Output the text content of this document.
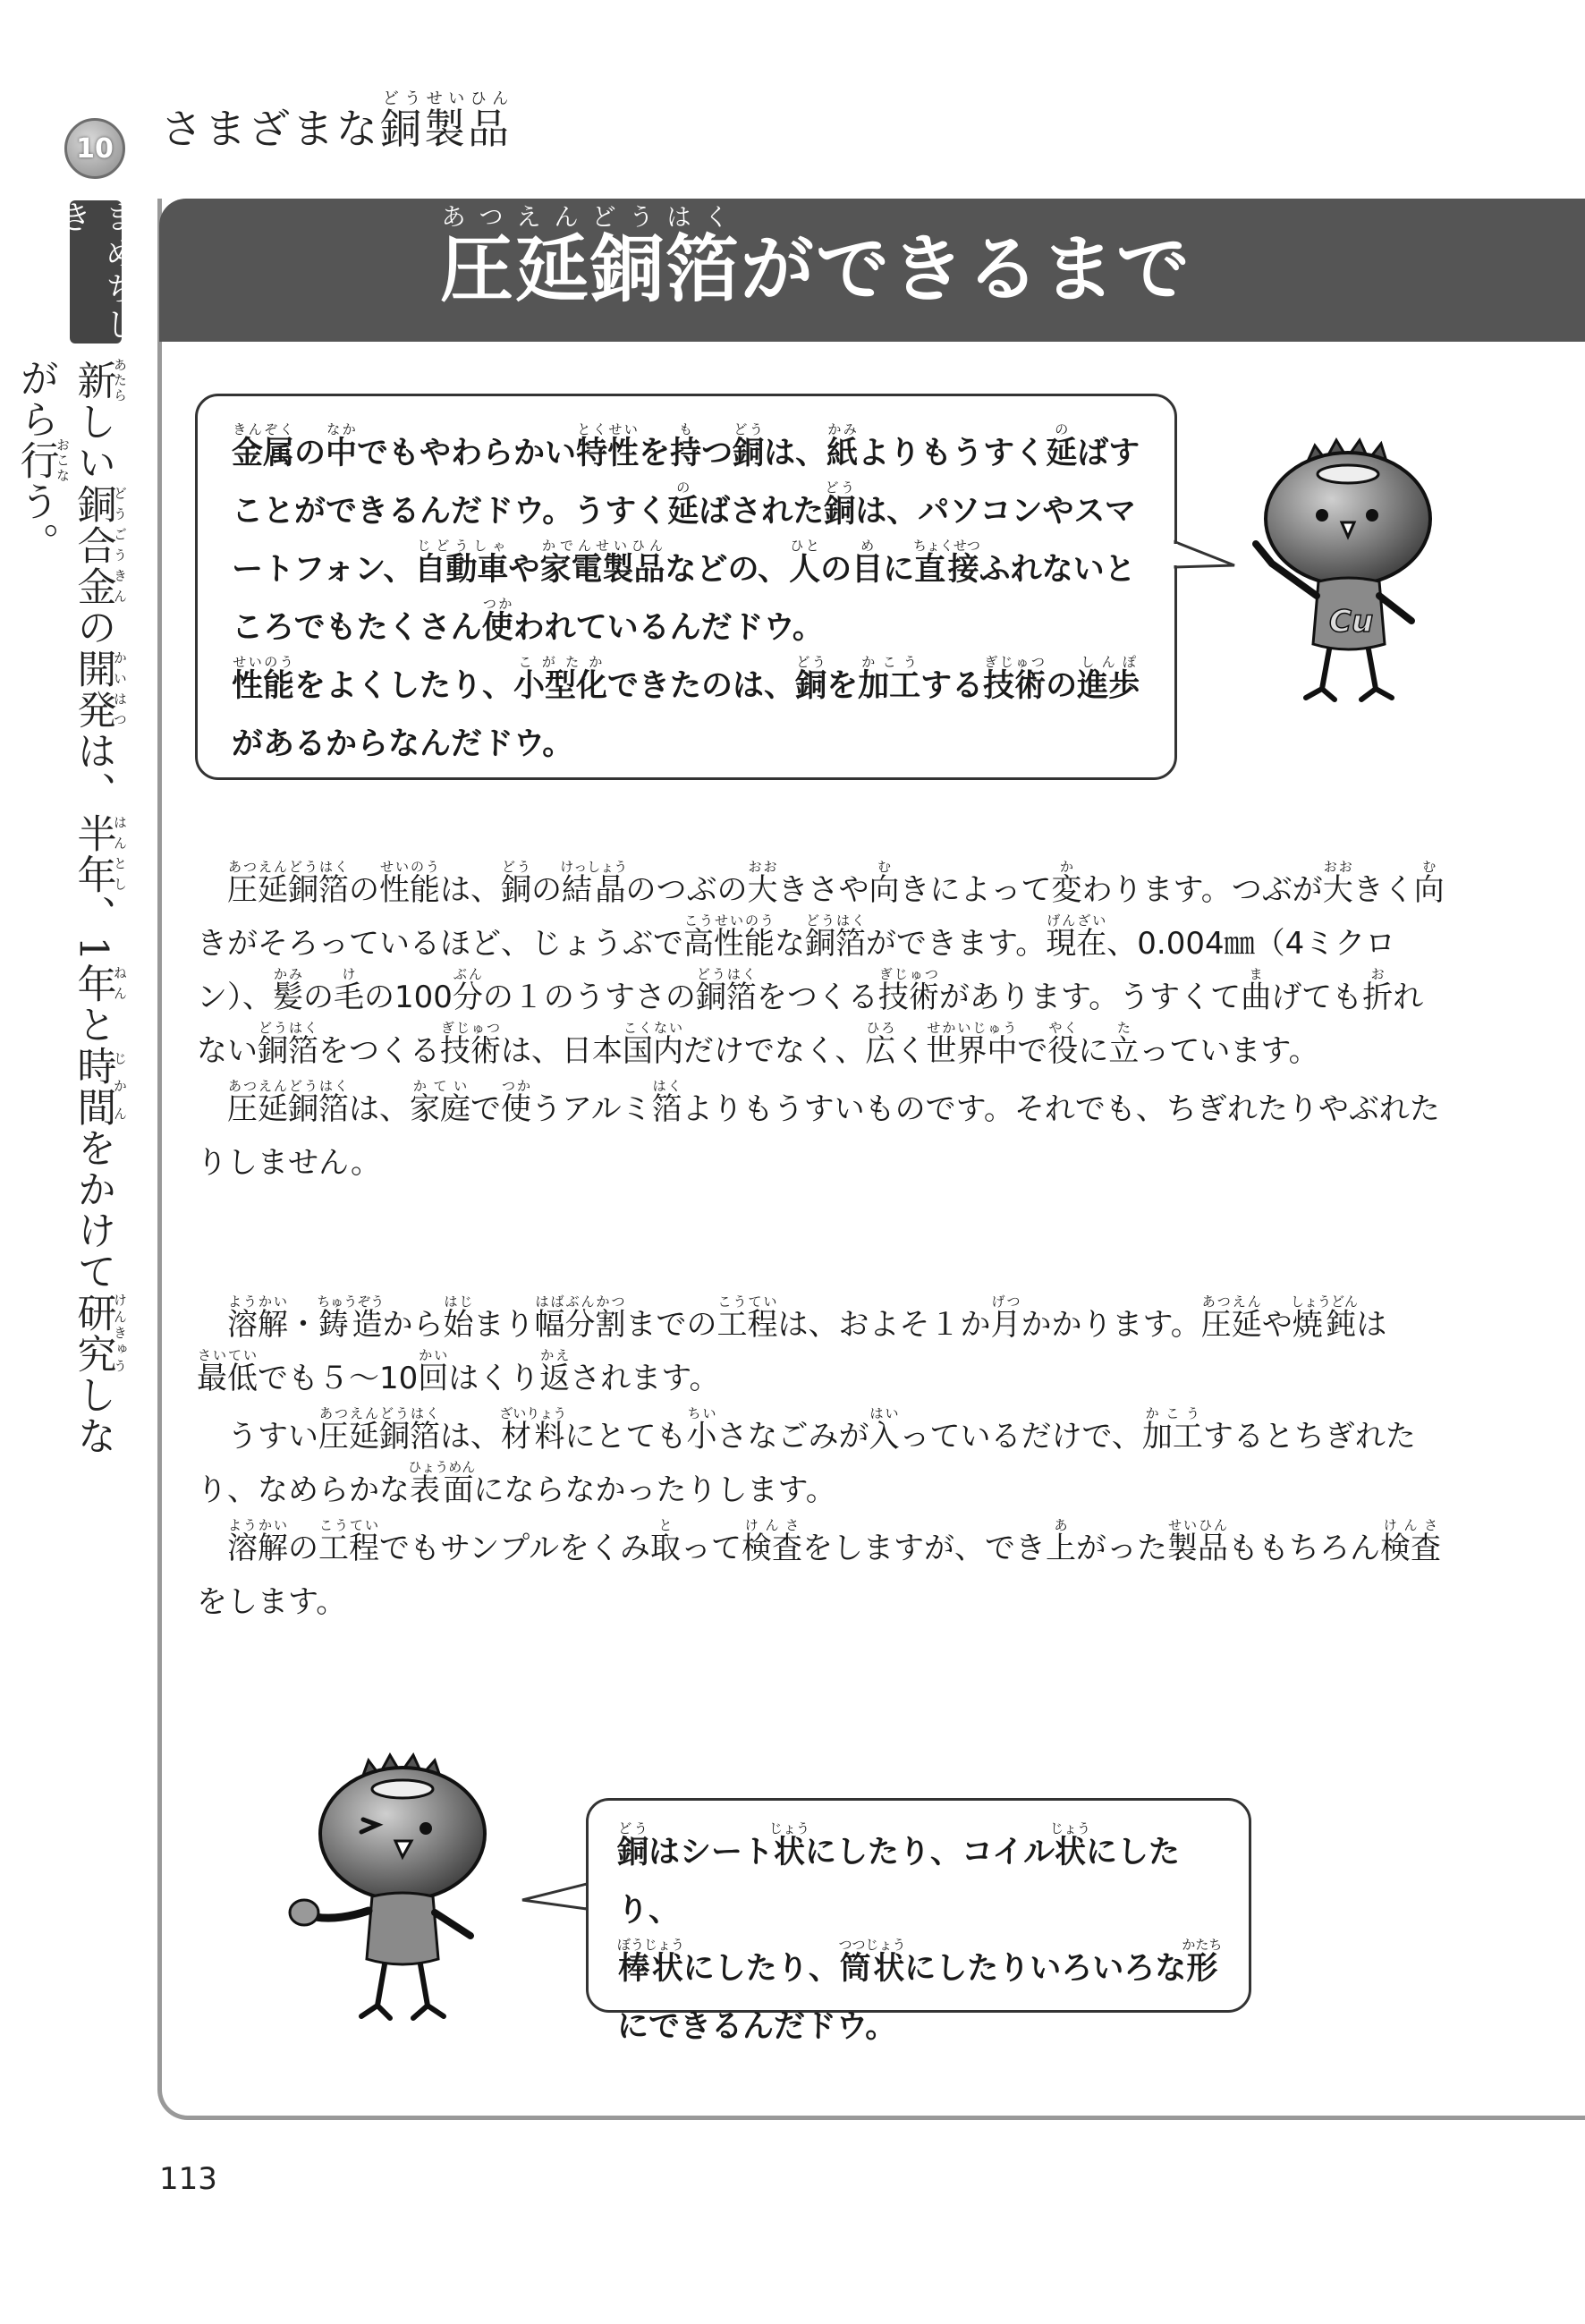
10 さまざまな銅製品どうせいひん
まめちしき
新あたらしい銅合金どうごうきんの開発かいはつは、半年はんとし、1年ねんと時間じかんをかけて研究けんきゅうしながら行おこなう。
圧延銅箔あつえんどうはくができるまで
金属きんぞくの中なかでもやわらかい特性とくせいを持もつ銅どうは、紙かみよりもうすく延のばすことができるんだドウ。うすく延のばされた銅どうは、パソコンやスマートフォン、自動車じどうしゃや家電製品かでんせいひんなどの、人ひとの目めに直接ちょくせつふれないところでもたくさん使つかわれているんだドウ。
性能せいのうをよくしたり、小型化こがたかできたのは、銅どうを加工かこうする技術ぎじゅつの進歩しんぽがあるからなんだドウ。
Cu

　圧延銅箔あつえんどうはくの性能せいのうは、銅どうの結晶けっしょうのつぶの大おおきさや向むきによって変かわります。つぶが大おおきく向むきがそろっているほど、じょうぶで高性能こうせいのうな銅箔どうはくができます。現在げんざい、0.004㎜（4ミクロン）、髪かみの毛けの100分ぶんの１のうすさの銅箔どうはくをつくる技術ぎじゅつがあります。うすくて曲まげても折おれない銅箔どうはくをつくる技術ぎじゅつは、日本国内こくないだけでなく、広ひろく世界中せかいじゅうで役やくに立たっています。

　圧延銅箔あつえんどうはくは、家庭かていで使つかうアルミ箔はくよりもうすいものです。それでも、ちぎれたりやぶれたりしません。

　溶解ようかい・鋳造ちゅうぞうから始はじまり幅分割はばぶんかつまでの工程こうていは、およそ１か月げつかかります。圧延あつえんや焼鈍しょうどんは最低さいていでも５～10回かいはくり返かえされます。

　うすい圧延銅箔あつえんどうはくは、材料ざいりょうにとても小ちいさなごみが入はいっているだけで、加工かこうするとちぎれたり、なめらかな表面ひょうめんにならなかったりします。

　溶解ようかいの工程こうていでもサンプルをくみ取とって検査けんさをしますが、でき上あがった製品せいひんももちろん検査けんさをします。

銅どうはシート状じょうにしたり、コイル状じょうにしたり、
棒状ぼうじょうにしたり、筒状つつじょうにしたりいろいろな形かたち
にできるんだドウ。
113
